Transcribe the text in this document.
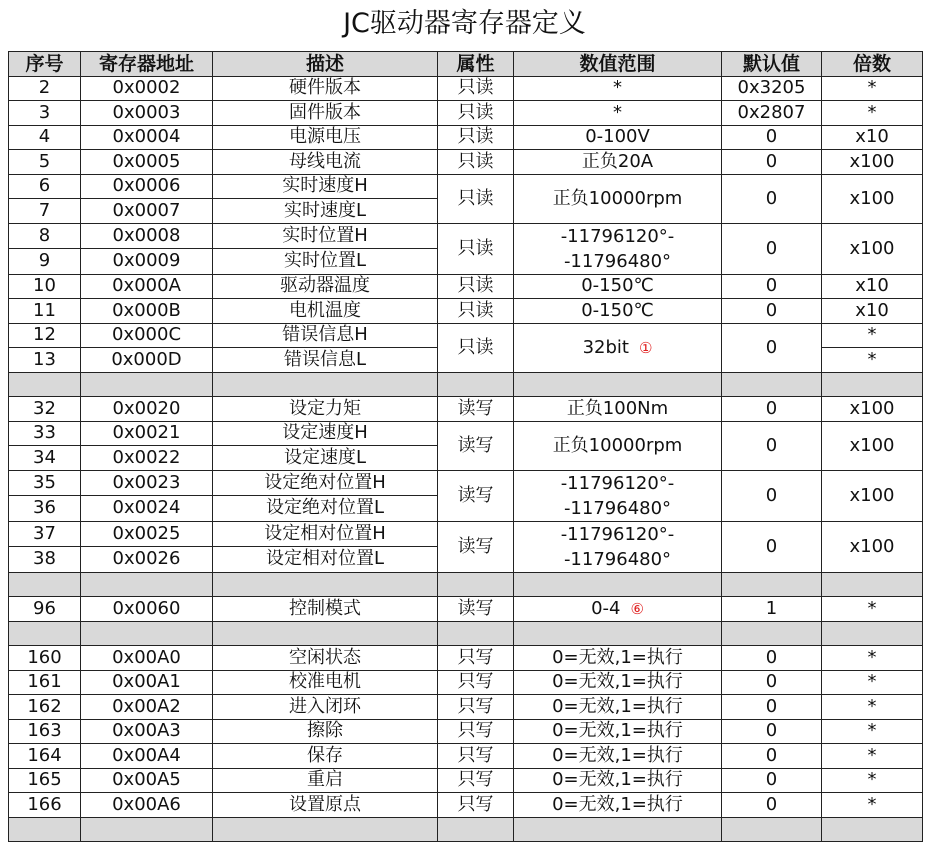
JC驱动器寄存器定义
序号	寄存器地址	描述	属性	数值范围	默认值	倍数
2	0x0002	硬件版本	只读	*	0x3205	*
3	0x0003	固件版本	只读	*	0x2807	*
4	0x0004	电源电压	只读	0-100V	0	x10
5	0x0005	母线电流	只读	正负20A	0	x100
6	0x0006	实时速度H	只读	正负10000rpm	0	x100
7	0x0007	实时速度L				
8	0x0008	实时位置H	只读	-11796120°--11796480°	0	x100
9	0x0009	实时位置L				
10	0x000A	驱动器温度	只读	0-150℃	0	x10
11	0x000B	电机温度	只读	0-150℃	0	x10
12	0x000C	错误信息H	只读	32bit ①	0	*
13	0x000D	错误信息L				*

32	0x0020	设定力矩	读写	正负100Nm	0	x100
33	0x0021	设定速度H	读写	正负10000rpm	0	x100
34	0x0022	设定速度L				
35	0x0023	设定绝对位置H	读写	-11796120°--11796480°	0	x100
36	0x0024	设定绝对位置L				
37	0x0025	设定相对位置H	读写	-11796120°--11796480°	0	x100
38	0x0026	设定相对位置L				

96	0x0060	控制模式	读写	0-4 ⑥	1	*

160	0x00A0	空闲状态	只写	0=无效,1=执行	0	*
161	0x00A1	校准电机	只写	0=无效,1=执行	0	*
162	0x00A2	进入闭环	只写	0=无效,1=执行	0	*
163	0x00A3	擦除	只写	0=无效,1=执行	0	*
164	0x00A4	保存	只写	0=无效,1=执行	0	*
165	0x00A5	重启	只写	0=无效,1=执行	0	*
166	0x00A6	设置原点	只写	0=无效,1=执行	0	*
